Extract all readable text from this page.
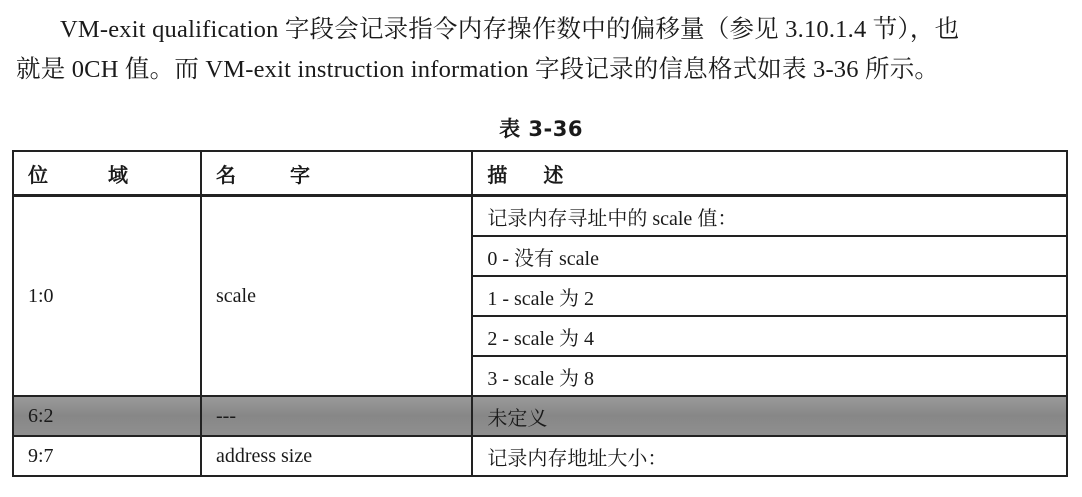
VM-exit qualification 字段会记录指令内存操作数中的偏移量（参见 3.10.1.4 节），也
就是 0CH 值。而 VM-exit instruction information 字段记录的信息格式如表 3-36 所示。
表 3-36
位域	名字	描述
1:0	scale	记录内存寻址中的 scale 值：
		0 - 没有 scale
		1 - scale 为 2
		2 - scale 为 4
		3 - scale 为 8
6:2	---	未定义
9:7	address size	记录内存地址大小：
